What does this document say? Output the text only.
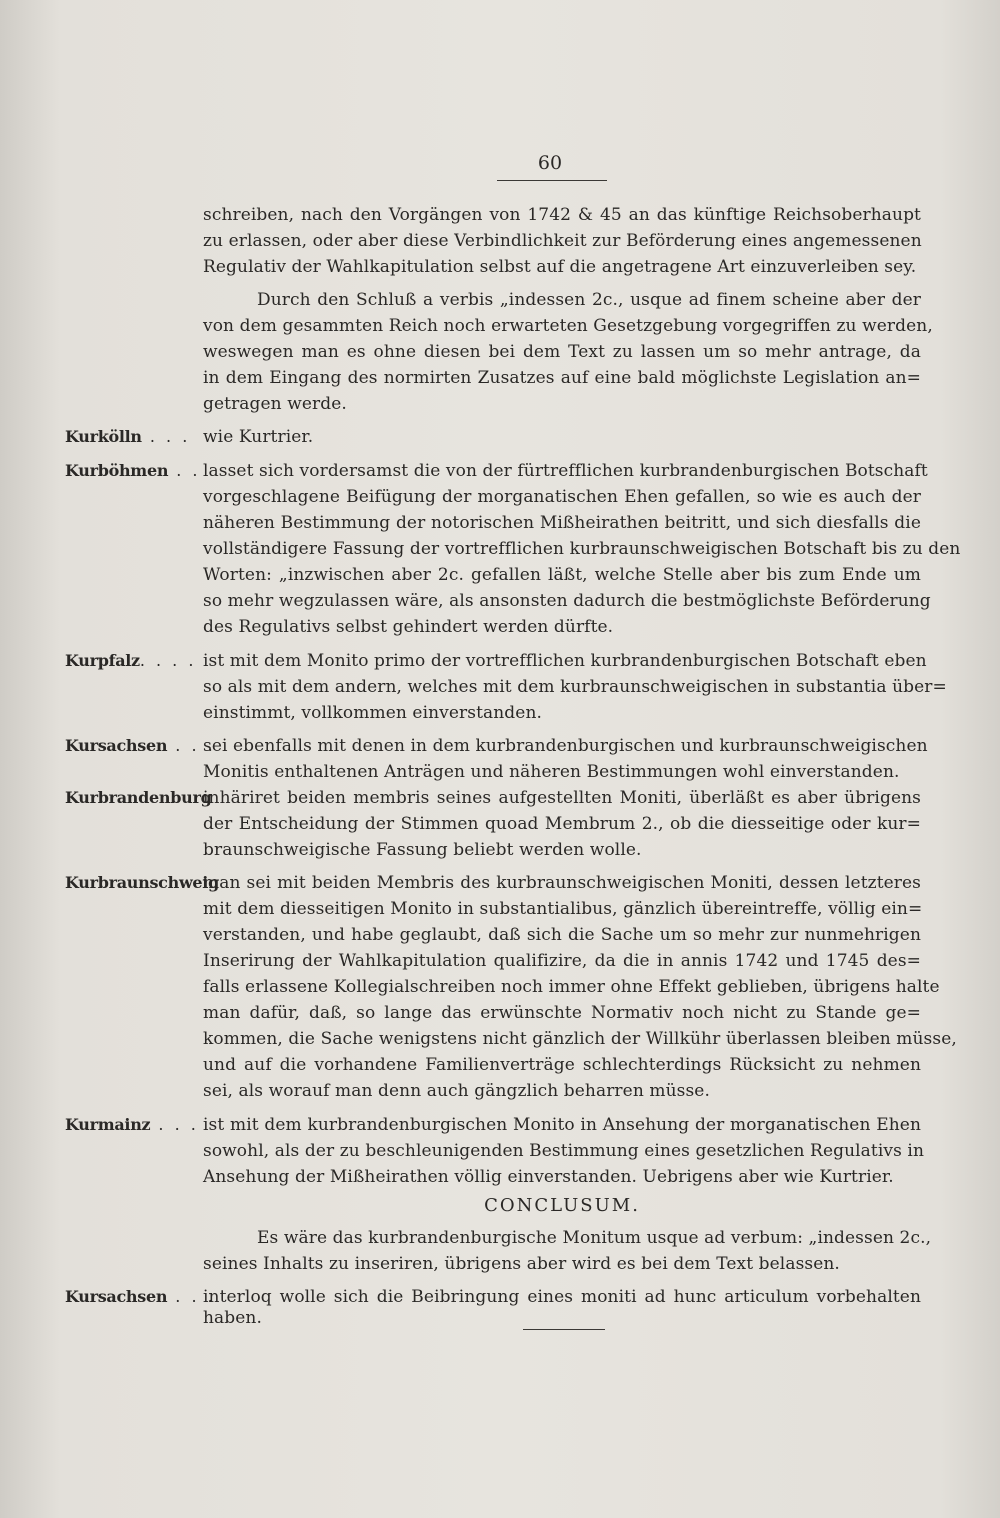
60
schreiben, nach den Vorgängen von 1742 & 45 an das künftige Reichsoberhaupt
zu erlassen, oder aber diese Verbindlichkeit zur Beförderung eines angemessenen
Regulativ der Wahlkapitulation selbst auf die angetragene Art einzuverleiben sey.
Durch den Schluß a verbis „indessen 2c., usque ad finem scheine aber der
von dem gesammten Reich noch erwarteten Gesetzgebung vorgegriffen zu werden,
weswegen man es ohne diesen bei dem Text zu lassen um so mehr antrage, da
in dem Eingang des normirten Zusatzes auf eine bald möglichste Legislation an=
getragen werde.
Kurkölln . . . wie Kurtrier.
Kurböhmen . . lasset sich vordersamst die von der fürtrefflichen kurbrandenburgischen Botschaft
vorgeschlagene Beifügung der morganatischen Ehen gefallen, so wie es auch der
näheren Bestimmung der notorischen Mißheirathen beitritt, und sich diesfalls die
vollständigere Fassung der vortrefflichen kurbraunschweigischen Botschaft bis zu den
Worten: „inzwischen aber 2c. gefallen läßt, welche Stelle aber bis zum Ende um
so mehr wegzulassen wäre, als ansonsten dadurch die bestmöglichste Beförderung
des Regulativs selbst gehindert werden dürfte.
Kurpfalz. . . . ist mit dem Monito primo der vortrefflichen kurbrandenburgischen Botschaft eben
so als mit dem andern, welches mit dem kurbraunschweigischen in substantia über=
einstimmt, vollkommen einverstanden.
Kursachsen . . .
sei ebenfalls mit denen in dem kurbrandenburgischen und kurbraunschweigischen
Monitis enthaltenen Anträgen und näheren Bestimmungen wohl einverstanden.
Kurbrandenburg
inhäriret beiden membris seines aufgestellten Moniti, überläßt es aber übrigens
der Entscheidung der Stimmen quoad Membrum 2., ob die diesseitige oder kur=
braunschweigische Fassung beliebt werden wolle.
Kurbraunschweig
man sei mit beiden Membris des kurbraunschweigischen Moniti, dessen letzteres
mit dem diesseitigen Monito in substantialibus, gänzlich übereintreffe, völlig ein=
verstanden, und habe geglaubt, daß sich die Sache um so mehr zur nunmehrigen
Inserirung der Wahlkapitulation qualifizire, da die in annis 1742 und 1745 des=
falls erlassene Kollegialschreiben noch immer ohne Effekt geblieben, übrigens halte
man dafür, daß, so lange das erwünschte Normativ noch nicht zu Stande ge=
kommen, die Sache wenigstens nicht gänzlich der Willkühr überlassen bleiben müsse,
und auf die vorhandene Familienverträge schlechterdings Rücksicht zu nehmen
sei, als worauf man denn auch gängzlich beharren müsse.
Kurmainz . . . ist mit dem kurbrandenburgischen Monito in Ansehung der morganatischen Ehen
sowohl, als der zu beschleunigenden Bestimmung eines gesetzlichen Regulativs in
Ansehung der Mißheirathen völlig einverstanden. Uebrigens aber wie Kurtrier.
CONCLUSUM.
Es wäre das kurbrandenburgische Monitum usque ad verbum: „indessen 2c.,
seines Inhalts zu inseriren, übrigens aber wird es bei dem Text belassen.
Kursachsen . . .
interloq wolle sich die Beibringung eines moniti ad hunc articulum vorbehalten
haben.
